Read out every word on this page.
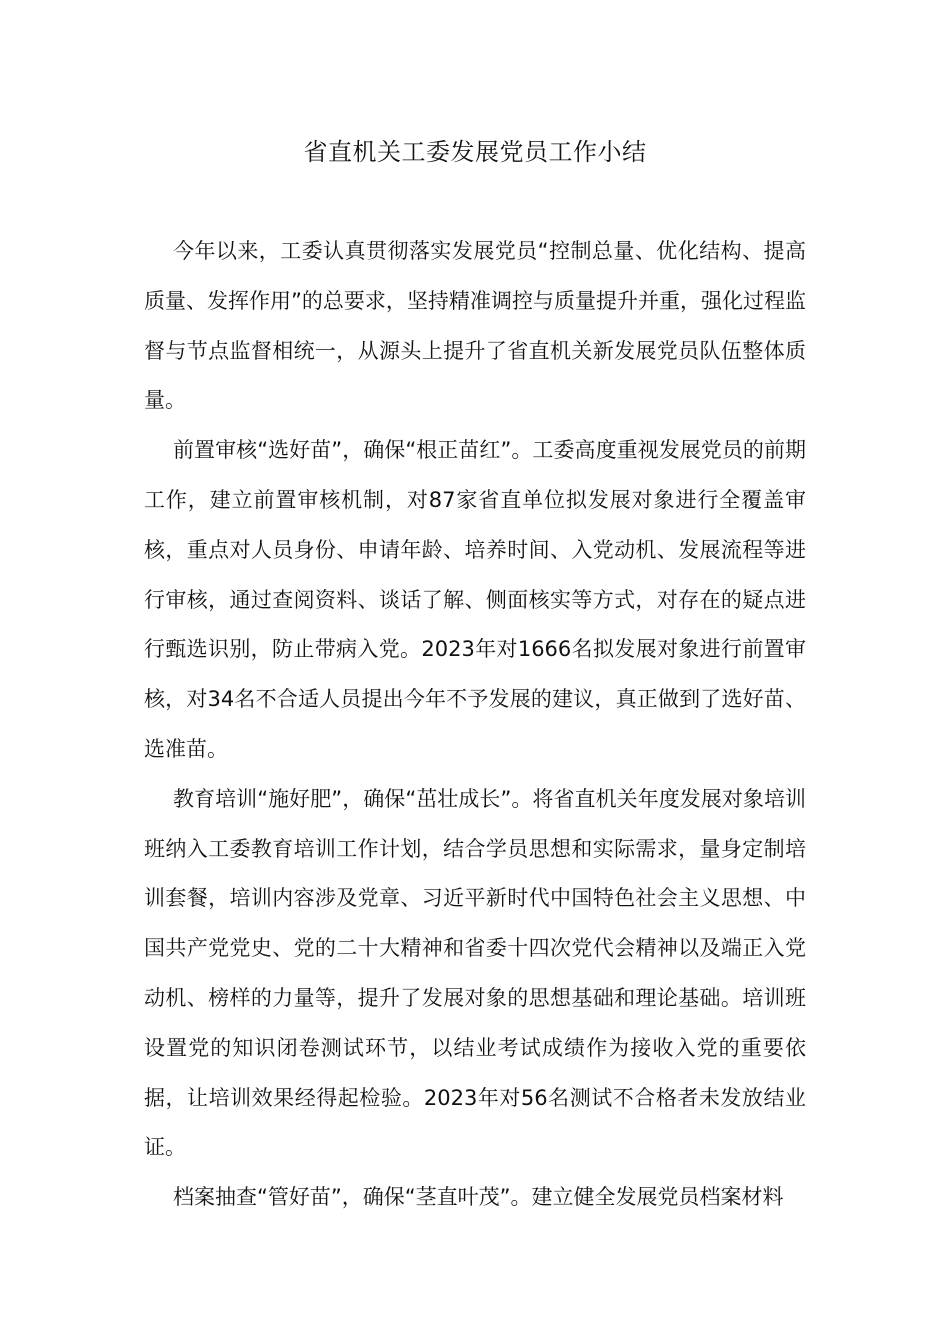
省直机关工委发展党员工作小结

今年以来，工委认真贯彻落实发展党员“控制总量、优化结构、提高质量、发挥作用”的总要求，坚持精准调控与质量提升并重，强化过程监督与节点监督相统一，从源头上提升了省直机关新发展党员队伍整体质量。

前置审核“选好苗”，确保“根正苗红”。工委高度重视发展党员的前期工作，建立前置审核机制，对87家省直单位拟发展对象进行全覆盖审核，重点对人员身份、申请年龄、培养时间、入党动机、发展流程等进行审核，通过查阅资料、谈话了解、侧面核实等方式，对存在的疑点进行甄选识别，防止带病入党。2023年对1666名拟发展对象进行前置审核，对34名不合适人员提出今年不予发展的建议，真正做到了选好苗、选准苗。

教育培训“施好肥”，确保“茁壮成长”。将省直机关年度发展对象培训班纳入工委教育培训工作计划，结合学员思想和实际需求，量身定制培训套餐，培训内容涉及党章、习近平新时代中国特色社会主义思想、中国共产党党史、党的二十大精神和省委十四次党代会精神以及端正入党动机、榜样的力量等，提升了发展对象的思想基础和理论基础。培训班设置党的知识闭卷测试环节，以结业考试成绩作为接收入党的重要依据，让培训效果经得起检验。2023年对56名测试不合格者未发放结业证。

档案抽查“管好苗”，确保“茎直叶茂”。建立健全发展党员档案材料
